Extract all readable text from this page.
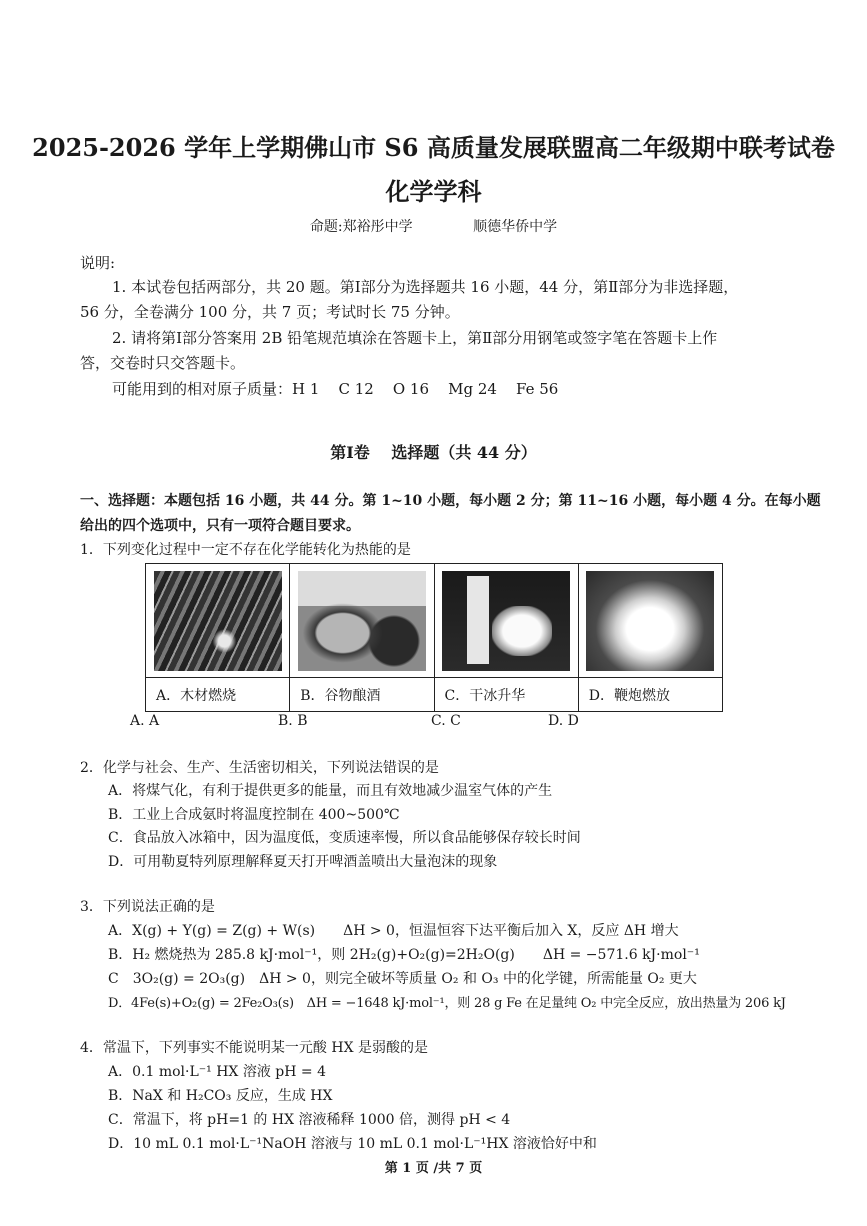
2025-2026 学年上学期佛山市 S6 高质量发展联盟高二年级期中联考试卷
化学学科
命题:郑裕彤中学	顺德华侨中学
说明:
1. 本试卷包括两部分，共 20 题。第Ⅰ部分为选择题共 16 小题，44 分，第Ⅱ部分为非选择题，
56 分，全卷满分 100 分，共 7 页；考试时长 75 分钟。
2. 请将第Ⅰ部分答案用 2B 铅笔规范填涂在答题卡上，第Ⅱ部分用钢笔或签字笔在答题卡上作
答，交卷时只交答题卡。
可能用到的相对原子质量：H 1    C 12    O 16    Mg 24    Fe 56
第Ⅰ卷 选择题（共 44 分）
一、选择题：本题包括 16 小题，共 44 分。第 1~10 小题，每小题 2 分；第 11~16 小题，每小题 4 分。在每小题
给出的四个选项中，只有一项符合题目要求。
1．下列变化过程中一定不存在化学能转化为热能的是

A．木材燃烧	B．谷物酿酒	C．干冰升华	D．鞭炮燃放
A. A	B. B	C. C	D. D
2．化学与社会、生产、生活密切相关，下列说法错误的是
A．将煤气化，有利于提供更多的能量，而且有效地减少温室气体的产生
B．工业上合成氨时将温度控制在 400~500℃
C．食品放入冰箱中，因为温度低，变质速率慢，所以食品能够保存较长时间
D．可用勒夏特列原理解释夏天打开啤酒盖喷出大量泡沫的现象
3．下列说法正确的是
A．X(g) + Y(g) = Z(g) + W(s)　　ΔH > 0，恒温恒容下达平衡后加入 X，反应 ΔH 增大
B．H₂ 燃烧热为 285.8 kJ·mol⁻¹，则 2H₂(g)+O₂(g)=2H₂O(g)　　ΔH = −571.6 kJ·mol⁻¹
C　3O₂(g) = 2O₃(g)　ΔH > 0，则完全破坏等质量 O₂ 和 O₃ 中的化学键，所需能量 O₂ 更大
D．4Fe(s)+O₂(g) = 2Fe₂O₃(s)　ΔH = −1648 kJ·mol⁻¹，则 28 g Fe 在足量纯 O₂ 中完全反应，放出热量为 206 kJ
4．常温下，下列事实不能说明某一元酸 HX 是弱酸的是
A．0.1 mol·L⁻¹ HX 溶液 pH = 4
B．NaX 和 H₂CO₃ 反应，生成 HX
C．常温下，将 pH=1 的 HX 溶液稀释 1000 倍，测得 pH < 4
D．10 mL 0.1 mol·L⁻¹NaOH 溶液与 10 mL 0.1 mol·L⁻¹HX 溶液恰好中和
第 1 页 /共 7 页
